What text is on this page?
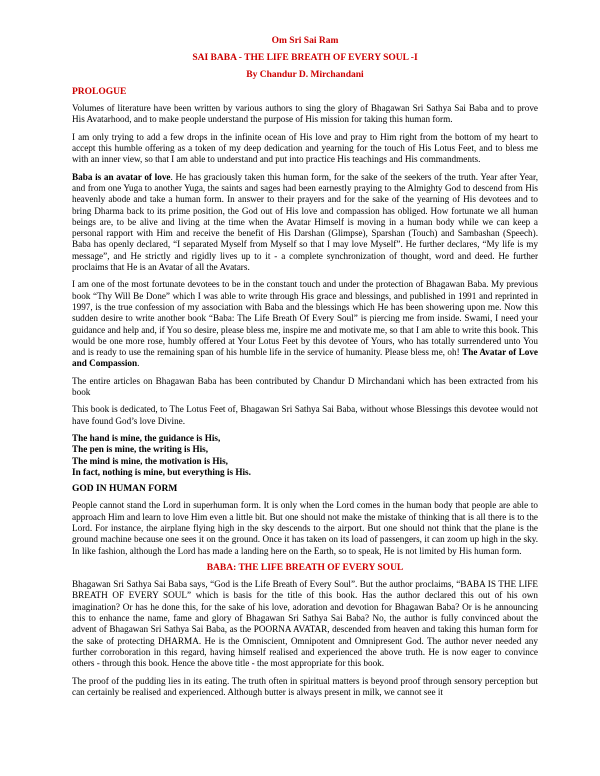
Om Sri Sai Ram
SAI BABA - THE LIFE BREATH OF EVERY SOUL -I
By Chandur D. Mirchandani
PROLOGUE

Volumes of literature have been written by various authors to sing the glory of Bhagawan Sri Sathya Sai Baba and to prove His Avatarhood, and to make people understand the purpose of His mission for taking this human form.

I am only trying to add a few drops in the infinite ocean of His love and pray to Him right from the bottom of my heart to accept this humble offering as a token of my deep dedication and yearning for the touch of His Lotus Feet, and to bless me with an inner view, so that I am able to understand and put into practice His teachings and His commandments.

Baba is an avatar of love. He has graciously taken this human form, for the sake of the seekers of the truth. Year after Year, and from one Yuga to another Yuga, the saints and sages had been earnestly praying to the Almighty God to descend from His heavenly abode and take a human form. In answer to their prayers and for the sake of the yearning of His devotees and to bring Dharma back to its prime position, the God out of His love and compassion has obliged. How fortunate we all human beings are, to be alive and living at the time when the Avatar Himself is moving in a human body while we can keep a personal rapport with Him and receive the benefit of His Darshan (Glimpse), Sparshan (Touch) and Sambashan (Speech). Baba has openly declared, “I separated Myself from Myself so that I may love Myself”. He further declares, “My life is my message”, and He strictly and rigidly lives up to it - a complete synchronization of thought, word and deed. He further proclaims that He is an Avatar of all the Avatars.

I am one of the most fortunate devotees to be in the constant touch and under the protection of Bhagawan Baba. My previous book “Thy Will Be Done” which I was able to write through His grace and blessings, and published in 1991 and reprinted in 1997, is the true confession of my association with Baba and the blessings which He has been showering upon me. Now this sudden desire to write another book “Baba: The Life Breath Of Every Soul” is piercing me from inside. Swami, I need your guidance and help and, if You so desire, please bless me, inspire me and motivate me, so that I am able to write this book. This would be one more rose, humbly offered at Your Lotus Feet by this devotee of Yours, who has totally surrendered unto You and is ready to use the remaining span of his humble life in the service of humanity. Please bless me, oh! The Avatar of Love and Compassion.

The entire articles on Bhagawan Baba has been contributed by Chandur D Mirchandani which has been extracted from his book

This book is dedicated, to The Lotus Feet of, Bhagawan Sri Sathya Sai Baba, without whose Blessings this devotee would not have found God’s love Divine.

The hand is mine, the guidance is His,
The pen is mine, the writing is His,
The mind is mine, the motivation is His,
In fact, nothing is mine, but everything is His.
GOD IN HUMAN FORM

People cannot stand the Lord in superhuman form. It is only when the Lord comes in the human body that people are able to approach Him and learn to love Him even a little bit. But one should not make the mistake of thinking that is all there is to the Lord. For instance, the airplane flying high in the sky descends to the airport. But one should not think that the plane is the ground machine because one sees it on the ground. Once it has taken on its load of passengers, it can zoom up high in the sky. In like fashion, although the Lord has made a landing here on the Earth, so to speak, He is not limited by His human form.

BABA: THE LIFE BREATH OF EVERY SOUL

Bhagawan Sri Sathya Sai Baba says, “God is the Life Breath of Every Soul”. But the author proclaims, “BABA IS THE LIFE BREATH OF EVERY SOUL” which is basis for the title of this book. Has the author declared this out of his own imagination? Or has he done this, for the sake of his love, adoration and devotion for Bhagawan Baba? Or is he announcing this to enhance the name, fame and glory of Bhagawan Sri Sathya Sai Baba? No, the author is fully convinced about the advent of Bhagawan Sri Sathya Sai Baba, as the POORNA AVATAR, descended from heaven and taking this human form for the sake of protecting DHARMA. He is the Omniscient, Omnipotent and Omnipresent God. The author never needed any further corroboration in this regard, having himself realised and experienced the above truth. He is now eager to convince others - through this book. Hence the above title - the most appropriate for this book.

The proof of the pudding lies in its eating. The truth often in spiritual matters is beyond proof through sensory perception but can certainly be realised and experienced. Although butter is always present in milk, we cannot see it
